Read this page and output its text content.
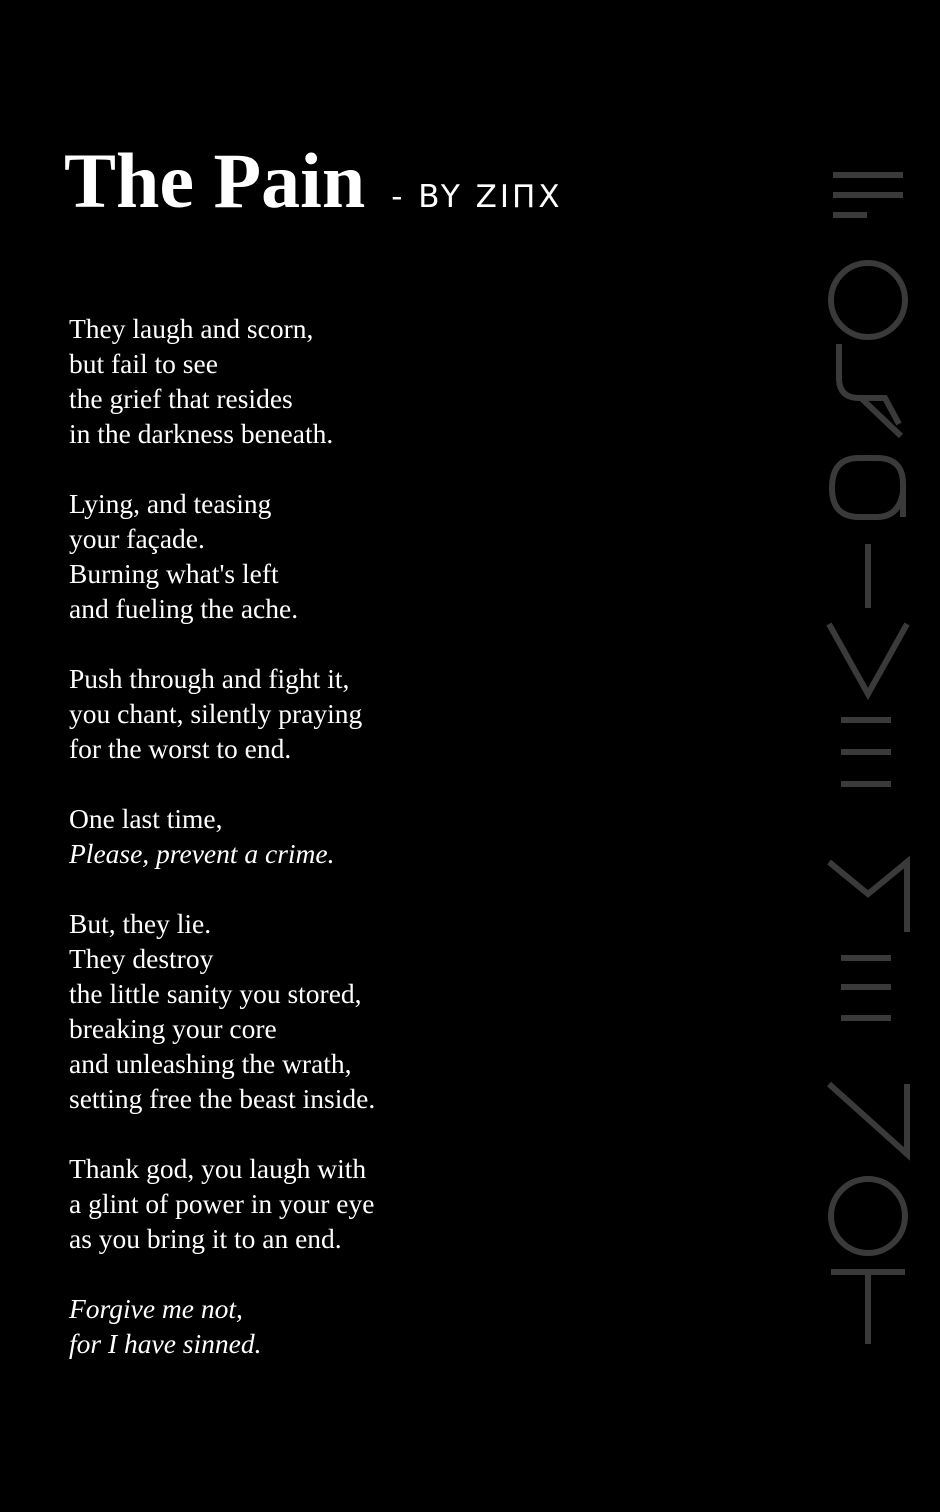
The Pain - BY ZIΠX
They laugh and scorn,
but fail to see
the grief that resides
in the darkness beneath.
Lying, and teasing
your façade.
Burning what's left
and fueling the ache.
Push through and fight it,
you chant, silently praying
for the worst to end.
One last time,
Please, prevent a crime.
But, they lie.
They destroy
the little sanity you stored,
breaking your core
and unleashing the wrath,
setting free the beast inside.
Thank god, you laugh with
a glint of power in your eye
as you bring it to an end.
Forgive me not,
for I have sinned.
